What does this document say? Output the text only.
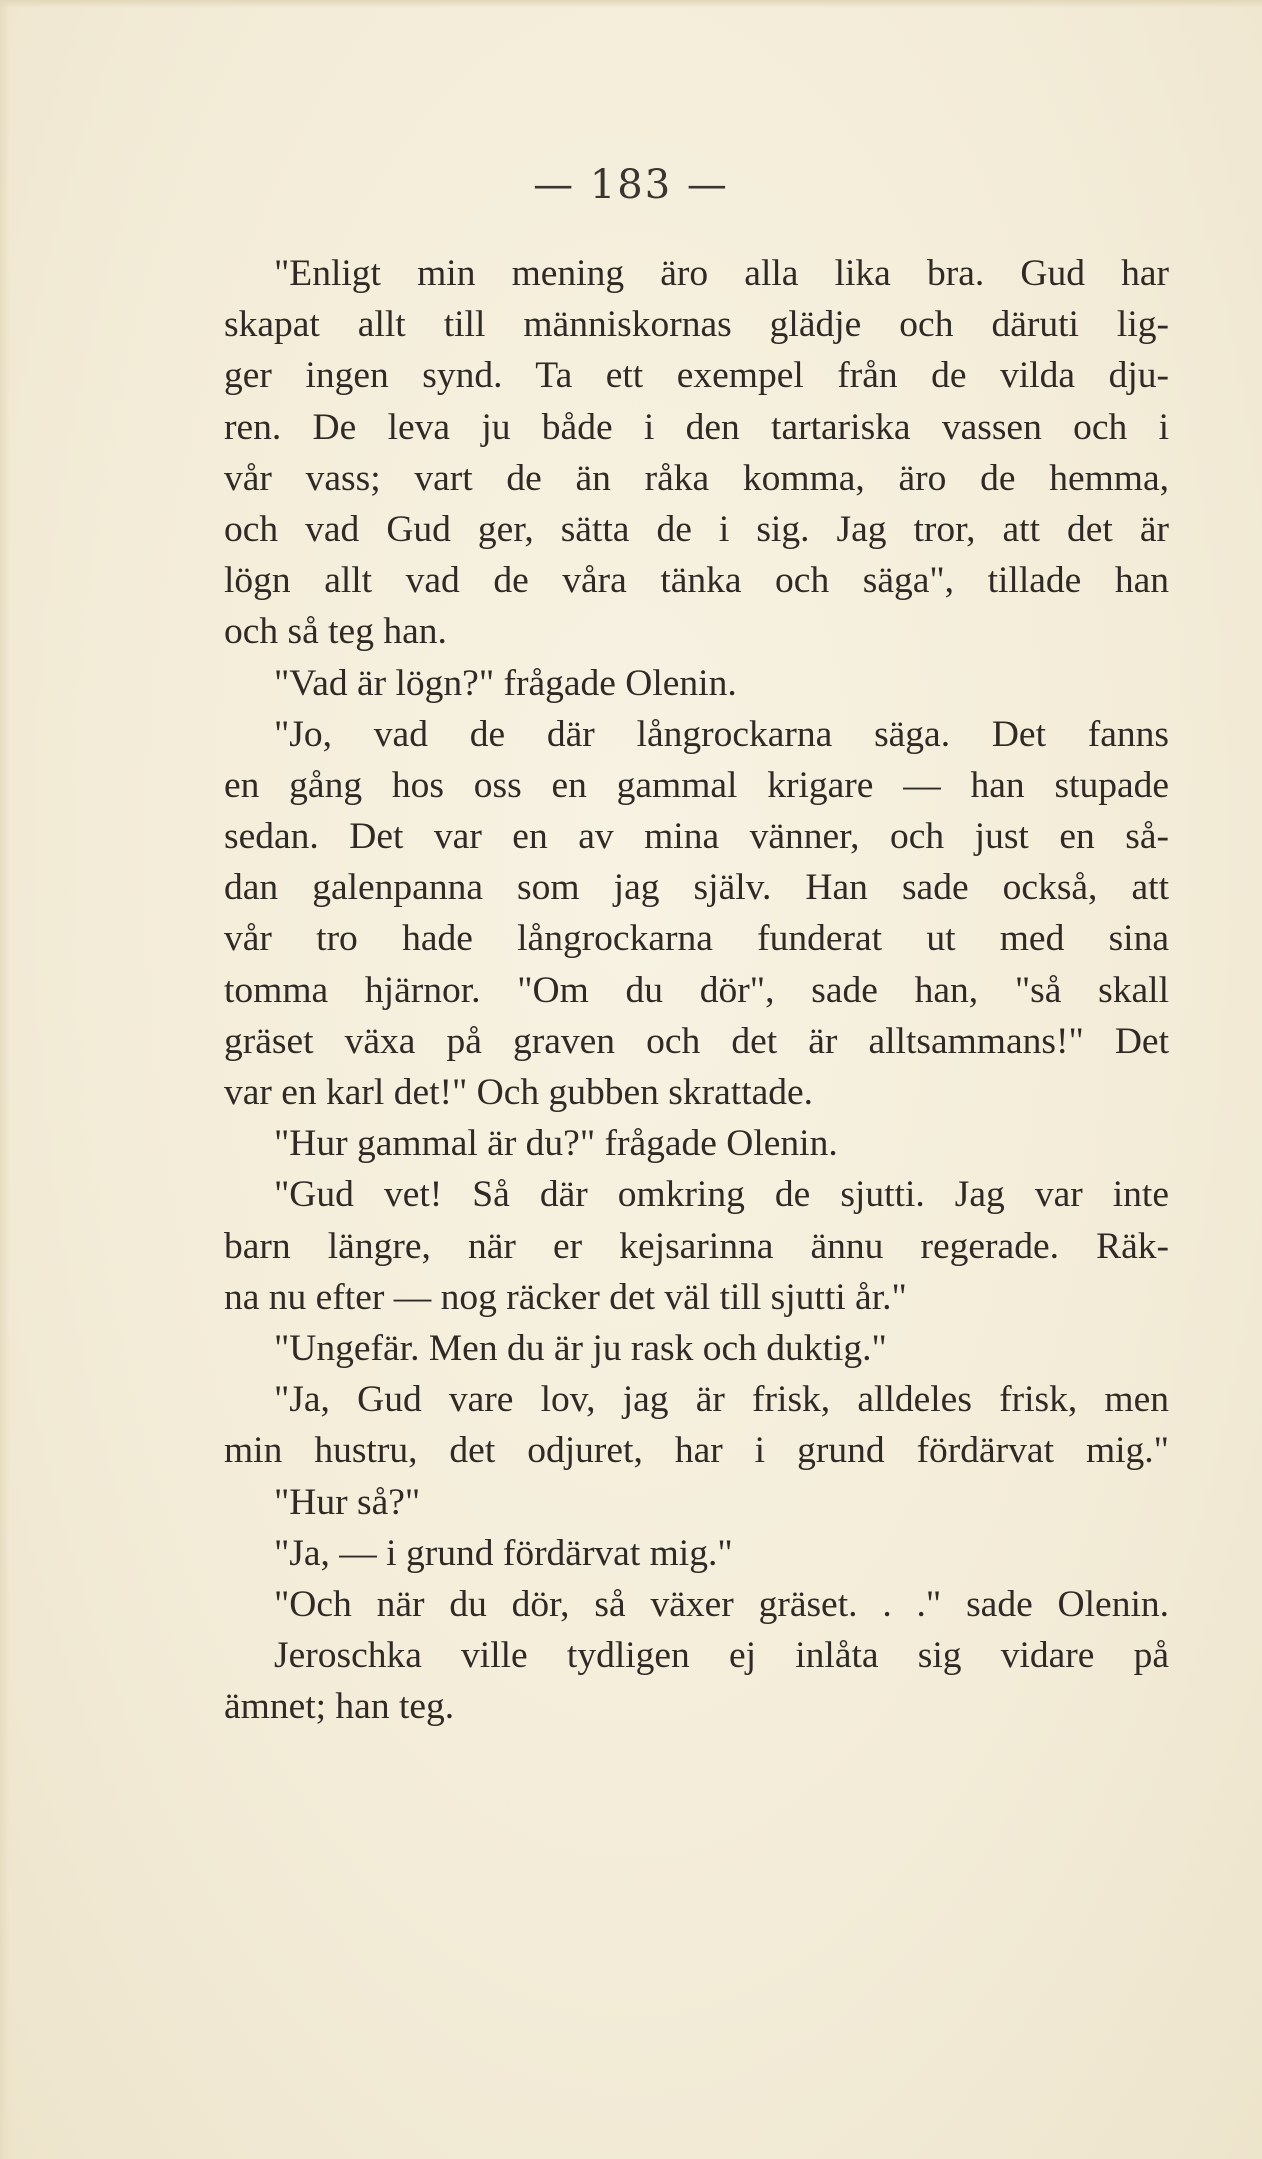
— 183 —
"Enligt min mening äro alla lika bra. Gud har
skapat allt till människornas glädje och däruti lig-
ger ingen synd. Ta ett exempel från de vilda dju-
ren. De leva ju både i den tartariska vassen och i
vår vass; vart de än råka komma, äro de hemma,
och vad Gud ger, sätta de i sig. Jag tror, att det är
lögn allt vad de våra tänka och säga", tillade han
och så teg han.
"Vad är lögn?" frågade Olenin.
"Jo, vad de där långrockarna säga. Det fanns
en gång hos oss en gammal krigare — han stupade
sedan. Det var en av mina vänner, och just en så-
dan galenpanna som jag själv. Han sade också, att
vår tro hade långrockarna funderat ut med sina
tomma hjärnor. "Om du dör", sade han, "så skall
gräset växa på graven och det är alltsammans!" Det
var en karl det!" Och gubben skrattade.
"Hur gammal är du?" frågade Olenin.
"Gud vet! Så där omkring de sjutti. Jag var inte
barn längre, när er kejsarinna ännu regerade. Räk-
na nu efter — nog räcker det väl till sjutti år."
"Ungefär. Men du är ju rask och duktig."
"Ja, Gud vare lov, jag är frisk, alldeles frisk, men
min hustru, det odjuret, har i grund fördärvat mig."
"Hur så?"
"Ja, — i grund fördärvat mig."
"Och när du dör, så växer gräset. . ." sade Olenin.
Jeroschka ville tydligen ej inlåta sig vidare på
ämnet; han teg.
